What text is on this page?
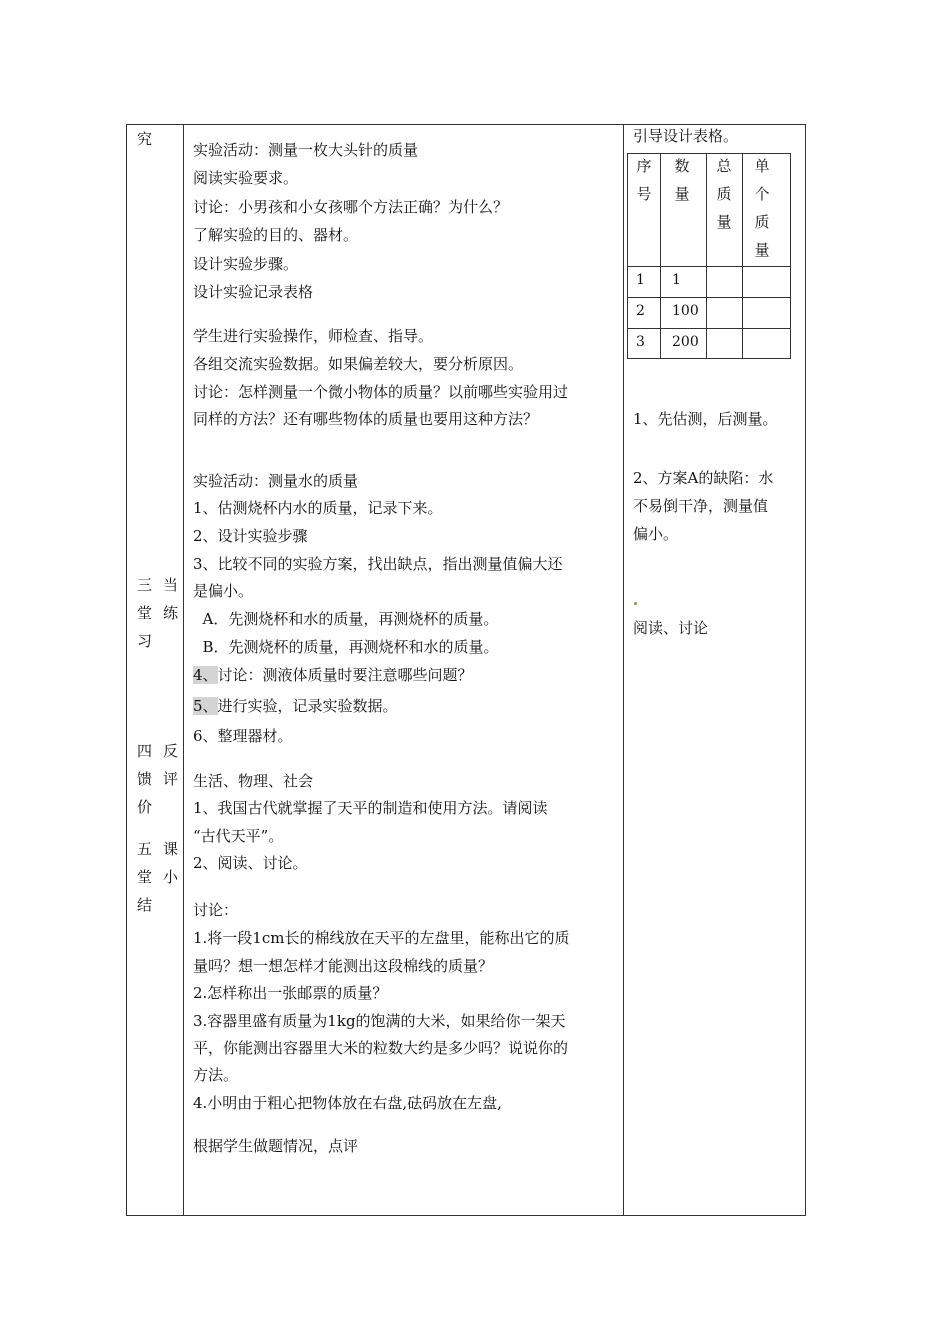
究
三 当
堂 练
习
四 反
馈 评
价
五 课
堂 小
结
实验活动：测量一枚大头针的质量
阅读实验要求。
讨论：小男孩和小女孩哪个方法正确？为什么？
了解实验的目的、器材。
设计实验步骤。
设计实验记录表格
学生进行实验操作，师检查、指导。
各组交流实验数据。如果偏差较大，要分析原因。
讨论：怎样测量一个微小物体的质量？以前哪些实验用过
同样的方法？还有哪些物体的质量也要用这种方法？
实验活动：测量水的质量
1、估测烧杯内水的质量，记录下来。
2、设计实验步骤
3、比较不同的实验方案，找出缺点，指出测量值偏大还
是偏小。
A．先测烧杯和水的质量，再测烧杯的质量。
B．先测烧杯的质量，再测烧杯和水的质量。
4、讨论：测液体质量时要注意哪些问题？
5、进行实验，记录实验数据。
6、整理器材。
生活、物理、社会
1、我国古代就掌握了天平的制造和使用方法。请阅读
“古代天平”。
2、阅读、讨论。
讨论：
1.将一段1cm长的棉线放在天平的左盘里，能称出它的质
量吗？想一想怎样才能测出这段棉线的质量？
2.怎样称出一张邮票的质量？
3.容器里盛有质量为1kg的饱满的大米，如果给你一架天
平，你能测出容器里大米的粒数大约是多少吗？说说你的
方法。
4.小明由于粗心把物体放在右盘,砝码放在左盘,
根据学生做题情况，点评
引导设计表格。
序号
数量
总质量
单个质量
1 1
2 100
3 200
1、先估测，后测量。
2、方案A的缺陷：水
不易倒干净，测量值
偏小。
阅读、讨论
